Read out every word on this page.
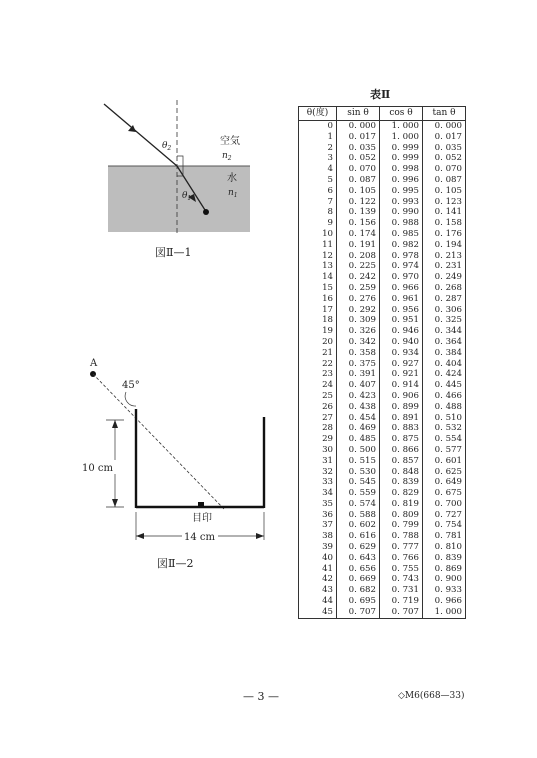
$\theta_2$
$\theta_1$
空気
$n_2$
水
$n_1$
図Ⅱ—1
A
45°
目印
10 cm
14 cm
図Ⅱ—2
表Ⅱ
θ(度)	sin θ	cos θ	tan θ
0	0. 000	1. 000	0. 000
1	0. 017	1. 000	0. 017
2	0. 035	0. 999	0. 035
3	0. 052	0. 999	0. 052
4	0. 070	0. 998	0. 070
5	0. 087	0. 996	0. 087
6	0. 105	0. 995	0. 105
7	0. 122	0. 993	0. 123
8	0. 139	0. 990	0. 141
9	0. 156	0. 988	0. 158
10	0. 174	0. 985	0. 176
11	0. 191	0. 982	0. 194
12	0. 208	0. 978	0. 213
13	0. 225	0. 974	0. 231
14	0. 242	0. 970	0. 249
15	0. 259	0. 966	0. 268
16	0. 276	0. 961	0. 287
17	0. 292	0. 956	0. 306
18	0. 309	0. 951	0. 325
19	0. 326	0. 946	0. 344
20	0. 342	0. 940	0. 364
21	0. 358	0. 934	0. 384
22	0. 375	0. 927	0. 404
23	0. 391	0. 921	0. 424
24	0. 407	0. 914	0. 445
25	0. 423	0. 906	0. 466
26	0. 438	0. 899	0. 488
27	0. 454	0. 891	0. 510
28	0. 469	0. 883	0. 532
29	0. 485	0. 875	0. 554
30	0. 500	0. 866	0. 577
31	0. 515	0. 857	0. 601
32	0. 530	0. 848	0. 625
33	0. 545	0. 839	0. 649
34	0. 559	0. 829	0. 675
35	0. 574	0. 819	0. 700
36	0. 588	0. 809	0. 727
37	0. 602	0. 799	0. 754
38	0. 616	0. 788	0. 781
39	0. 629	0. 777	0. 810
40	0. 643	0. 766	0. 839
41	0. 656	0. 755	0. 869
42	0. 669	0. 743	0. 900
43	0. 682	0. 731	0. 933
44	0. 695	0. 719	0. 966
45	0. 707	0. 707	1. 000
— 3 —	◇M6(668—33)
